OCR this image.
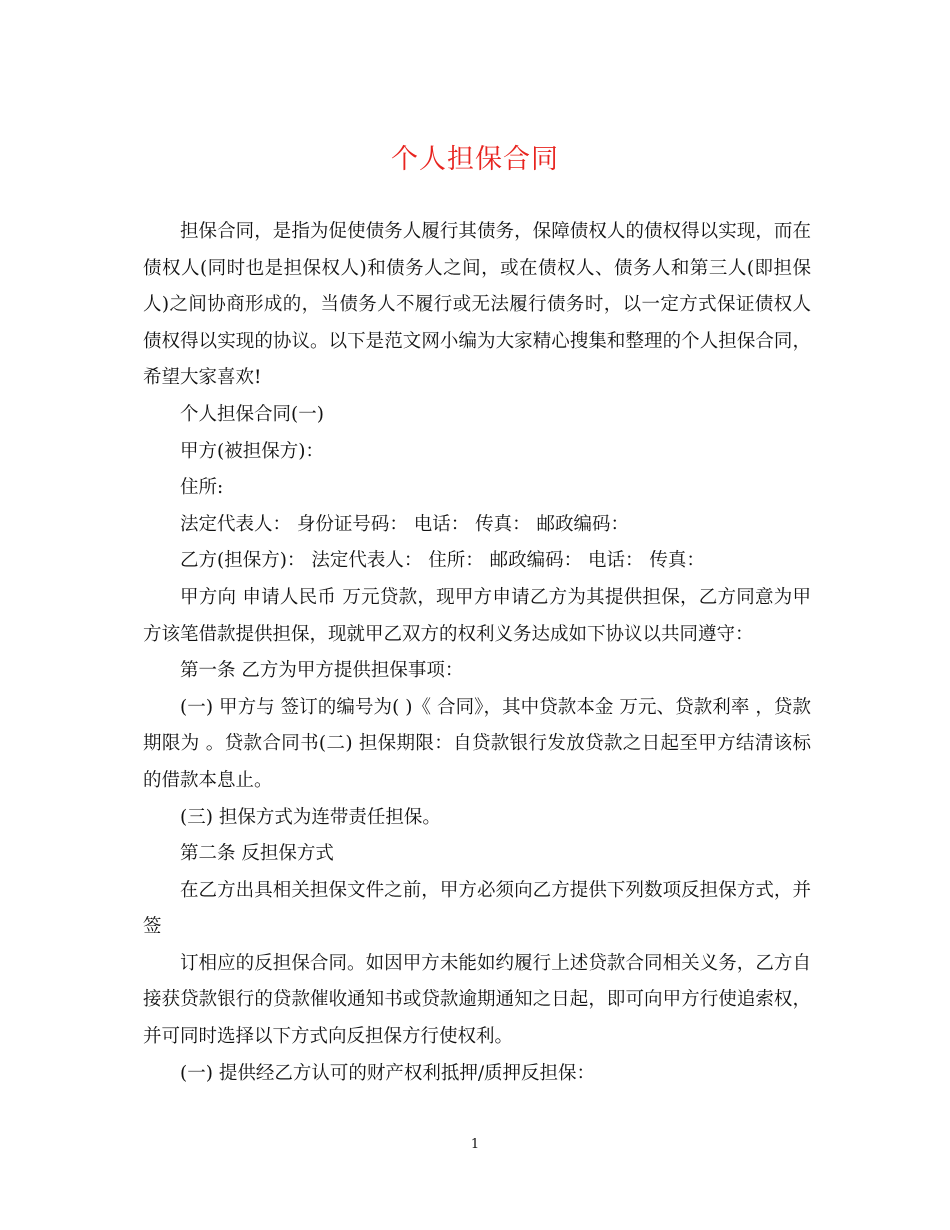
个人担保合同

担保合同，是指为促使债务人履行其债务，保障债权人的债权得以实现，而在债权人(同时也是担保权人)和债务人之间，或在债权人、债务人和第三人(即担保人)之间协商形成的，当债务人不履行或无法履行债务时，以一定方式保证债权人债权得以实现的协议。以下是范文网小编为大家精心搜集和整理的个人担保合同，希望大家喜欢!

个人担保合同(一)

甲方(被担保方)：

住所:

法定代表人： 身份证号码： 电话： 传真： 邮政编码：

乙方(担保方)： 法定代表人： 住所： 邮政编码： 电话： 传真：

甲方向 申请人民币 万元贷款，现甲方申请乙方为其提供担保，乙方同意为甲方该笔借款提供担保，现就甲乙双方的权利义务达成如下协议以共同遵守：

第一条 乙方为甲方提供担保事项：

(一) 甲方与 签订的编号为( )《 合同》，其中贷款本金 万元、贷款利率 ，贷款期限为 。贷款合同书(二) 担保期限：自贷款银行发放贷款之日起至甲方结清该标的借款本息止。

(三) 担保方式为连带责任担保。

第二条 反担保方式

在乙方出具相关担保文件之前，甲方必须向乙方提供下列数项反担保方式，并签

订相应的反担保合同。如因甲方未能如约履行上述贷款合同相关义务，乙方自接获贷款银行的贷款催收通知书或贷款逾期通知之日起，即可向甲方行使追索权，并可同时选择以下方式向反担保方行使权利。

(一) 提供经乙方认可的财产权利抵押/质押反担保：

1
